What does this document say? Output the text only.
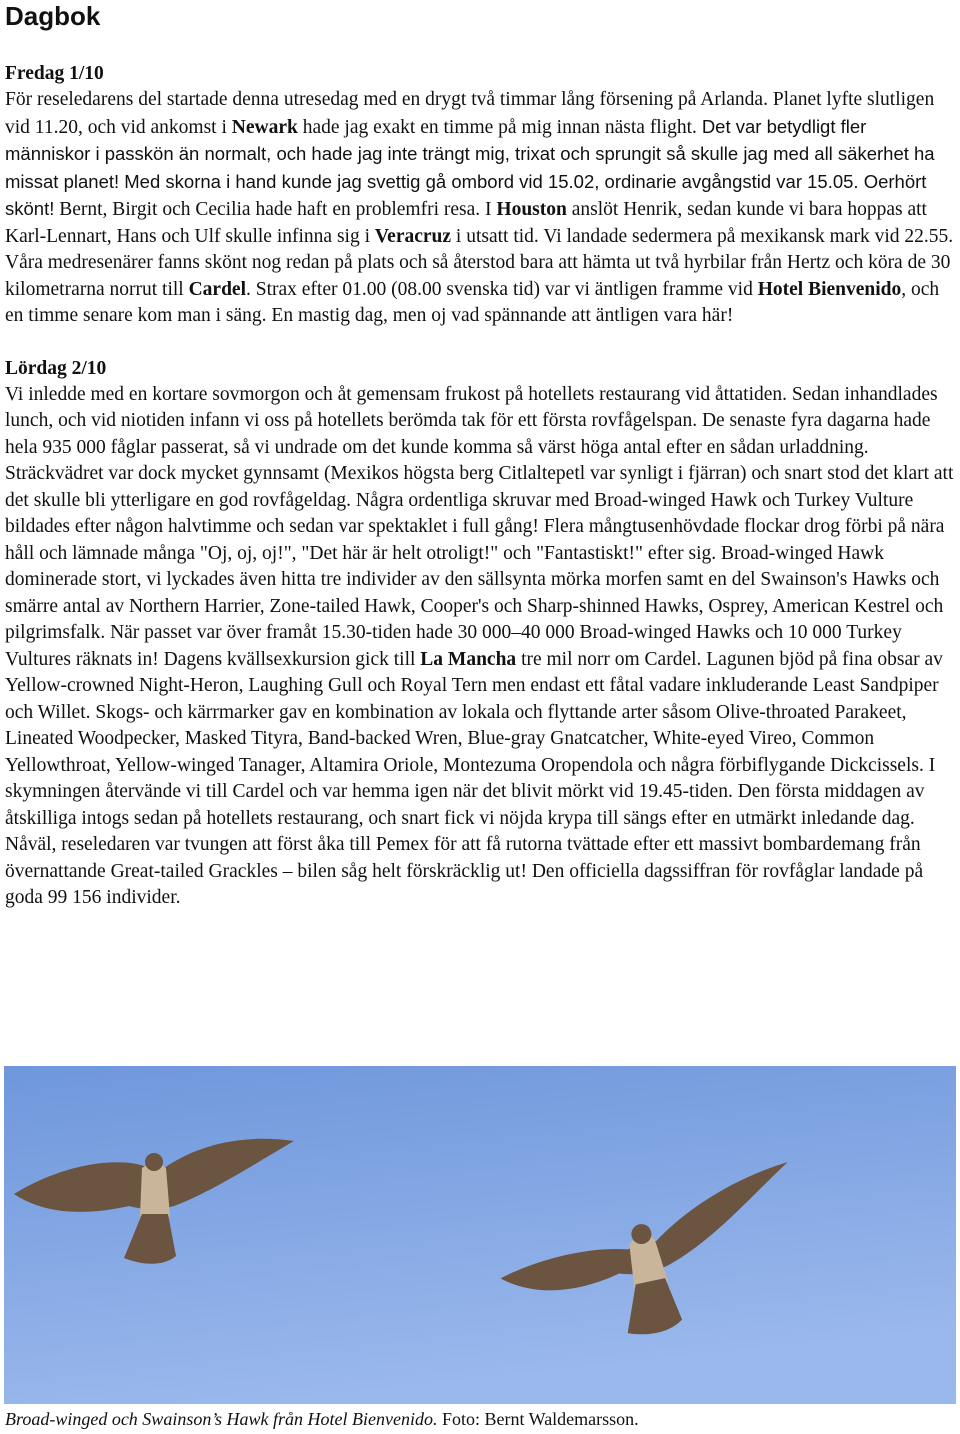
Dagbok
Fredag 1/10

För reseledarens del startade denna utresedag med en drygt två timmar lång försening på Arlanda. Planet lyfte slutligen vid 11.20, och vid ankomst i Newark hade jag exakt en timme på mig innan nästa flight. Det var betydligt fler människor i passkön än normalt, och hade jag inte trängt mig, trixat och sprungit så skulle jag med all säkerhet ha missat planet! Med skorna i hand kunde jag svettig gå ombord vid 15.02, ordinarie avgångstid var 15.05. Oerhört skönt! Bernt, Birgit och Cecilia hade haft en problemfri resa. I Houston anslöt Henrik, sedan kunde vi bara hoppas att Karl-Lennart, Hans och Ulf skulle infinna sig i Veracruz i utsatt tid. Vi landade sedermera på mexikansk mark vid 22.55. Våra medresenärer fanns skönt nog redan på plats och så återstod bara att hämta ut två hyrbilar från Hertz och köra de 30 kilometrarna norrut till Cardel. Strax efter 01.00 (08.00 svenska tid) var vi äntligen framme vid Hotel Bienvenido, och en timme senare kom man i säng. En mastig dag, men oj vad spännande att äntligen vara här!

Lördag 2/10

Vi inledde med en kortare sovmorgon och åt gemensam frukost på hotellets restaurang vid åttatiden. Sedan inhandlades lunch, och vid niotiden infann vi oss på hotellets berömda tak för ett första rovfågelspan. De senaste fyra dagarna hade hela 935 000 fåglar passerat, så vi undrade om det kunde komma så värst höga antal efter en sådan urladdning. Sträckvädret var dock mycket gynnsamt (Mexikos högsta berg Citlaltepetl var synligt i fjärran) och snart stod det klart att det skulle bli ytterligare en god rovfågeldag. Några ordentliga skruvar med Broad-winged Hawk och Turkey Vulture bildades efter någon halvtimme och sedan var spektaklet i full gång! Flera mångtusenhövdade flockar drog förbi på nära håll och lämnade många "Oj, oj, oj!", "Det här är helt otroligt!" och "Fantastiskt!" efter sig. Broad-winged Hawk dominerade stort, vi lyckades även hitta tre individer av den sällsynta mörka morfen samt en del Swainson's Hawks och smärre antal av Northern Harrier, Zone-tailed Hawk, Cooper's och Sharp-shinned Hawks, Osprey, American Kestrel och pilgrimsfalk. När passet var över framåt 15.30-tiden hade 30 000–40 000 Broad-winged Hawks och 10 000 Turkey Vultures räknats in! Dagens kvällsexkursion gick till La Mancha tre mil norr om Cardel. Lagunen bjöd på fina obsar av Yellow-crowned Night-Heron, Laughing Gull och Royal Tern men endast ett fåtal vadare inkluderande Least Sandpiper och Willet. Skogs- och kärrmarker gav en kombination av lokala och flyttande arter såsom Olive-throated Parakeet, Lineated Woodpecker, Masked Tityra, Band-backed Wren, Blue-gray Gnatcatcher, White-eyed Vireo, Common Yellowthroat, Yellow-winged Tanager, Altamira Oriole, Montezuma Oropendola och några förbiflygande Dickcissels. I skymningen återvände vi till Cardel och var hemma igen när det blivit mörkt vid 19.45-tiden. Den första middagen av åtskilliga intogs sedan på hotellets restaurang, och snart fick vi nöjda krypa till sängs efter en utmärkt inledande dag. Nåväl, reseledaren var tvungen att först åka till Pemex för att få rutorna tvättade efter ett massivt bombardemang från övernattande Great-tailed Grackles – bilen såg helt förskräcklig ut! Den officiella dagssiffran för rovfåglar landade på goda 99 156 individer.

Broad-winged och Swainson’s Hawk från Hotel Bienvenido. Foto: Bernt Waldemarsson.
